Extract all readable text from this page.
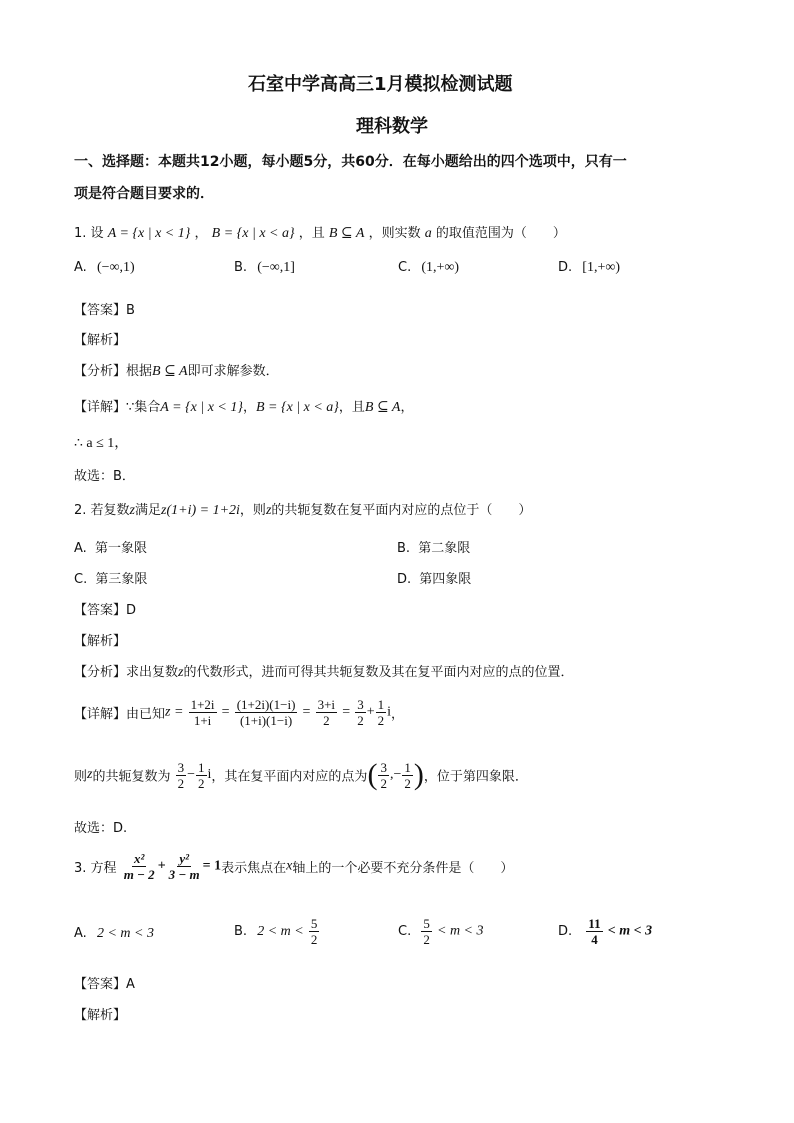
石室中学高高三1月模拟检测试题
理科数学
一、选择题：本题共12小题，每小题5分，共60分．在每小题给出的四个选项中，只有一
项是符合题目要求的．
1. 设 A = {x | x < 1} ， B = {x | x < a} ，且 B ⊆ A ，则实数 a 的取值范围为（　　）
A. (−∞,1)	B. (−∞,1]	C. (1,+∞)	D. [1,+∞)
【答案】B
【解析】
【分析】根据B ⊆ A即可求解参数．
【详解】∵集合A = {x | x < 1}，B = {x | x < a}，且B ⊆ A，
∴ a ≤ 1，
故选：B．
2. 若复数z满足z(1+i) = 1+2i，则z的共轭复数在复平面内对应的点位于（　　）
A. 第一象限	B. 第二象限
C. 第三象限	D. 第四象限
【答案】D
【解析】
【分析】求出复数z的代数形式，进而可得其共轭复数及其在复平面内对应的点的位置．
【详解】由已知$z = \frac{1+2i}{1+i} = \frac{(1+2i)(1-i)}{(1+i)(1-i)} = \frac{3+i}{2} = \frac{3}{2} + \frac{1}{2}$ i，
则z的共轭复数为 $\frac{3}{2} - \frac{1}{2}$ i，其在复平面内对应的点为( $\frac{3}{2}$ ,− $\frac{1}{2}$ )，位于第四象限．
故选：D.
3. 方程 $\frac{\text{x²}}{m - 2} + \frac{\text{y²}}{3 - m} = 1$表示焦点在x轴上的一个必要不充分条件是（　　）
A. 2 < m < 3	B. $2 < m < \frac{5}{2}$	C. $\frac{5}{2} < m < 3$	D. $\frac{11}{4} < m < 3$
【答案】A
【解析】
